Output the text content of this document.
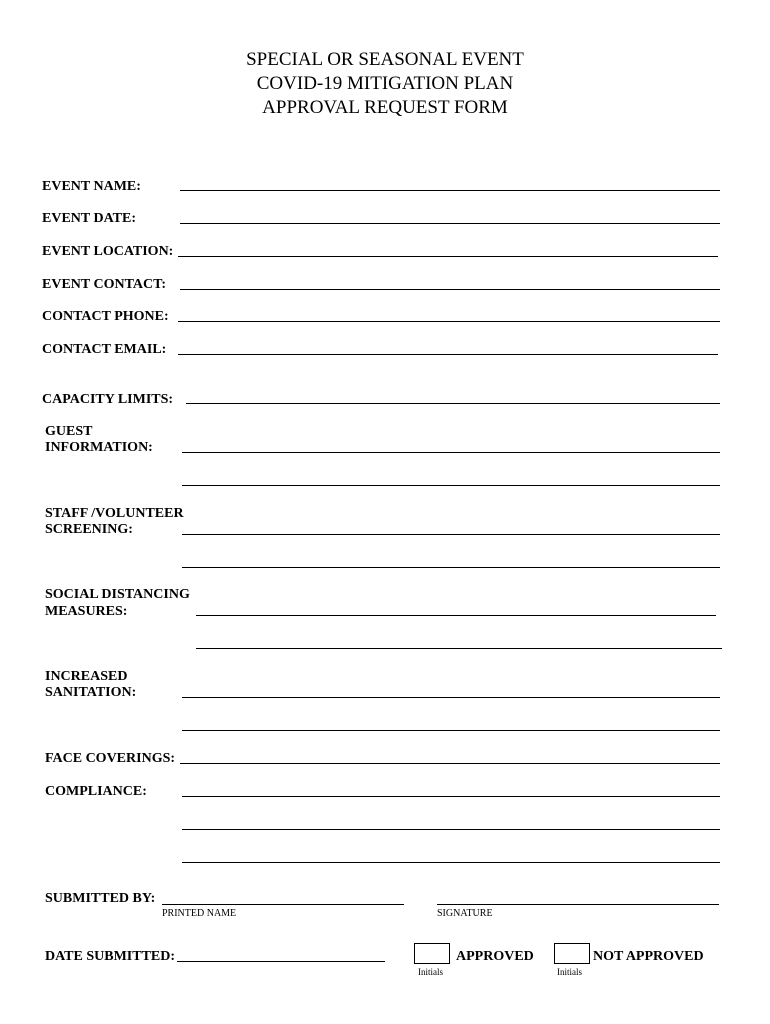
SPECIAL OR SEASONAL EVENT
COVID-19 MITIGATION PLAN
APPROVAL REQUEST FORM
EVENT NAME:
EVENT DATE:
EVENT LOCATION:
EVENT CONTACT:
CONTACT PHONE:
CONTACT EMAIL:
CAPACITY LIMITS:
GUEST
INFORMATION:
STAFF /VOLUNTEER
SCREENING:
SOCIAL DISTANCING
MEASURES:
INCREASED
SANITATION:
FACE COVERINGS:
COMPLIANCE:
SUBMITTED BY:
PRINTED NAME	SIGNATURE
DATE SUBMITTED:	APPROVED
Initials
NOT APPROVED
Initials
